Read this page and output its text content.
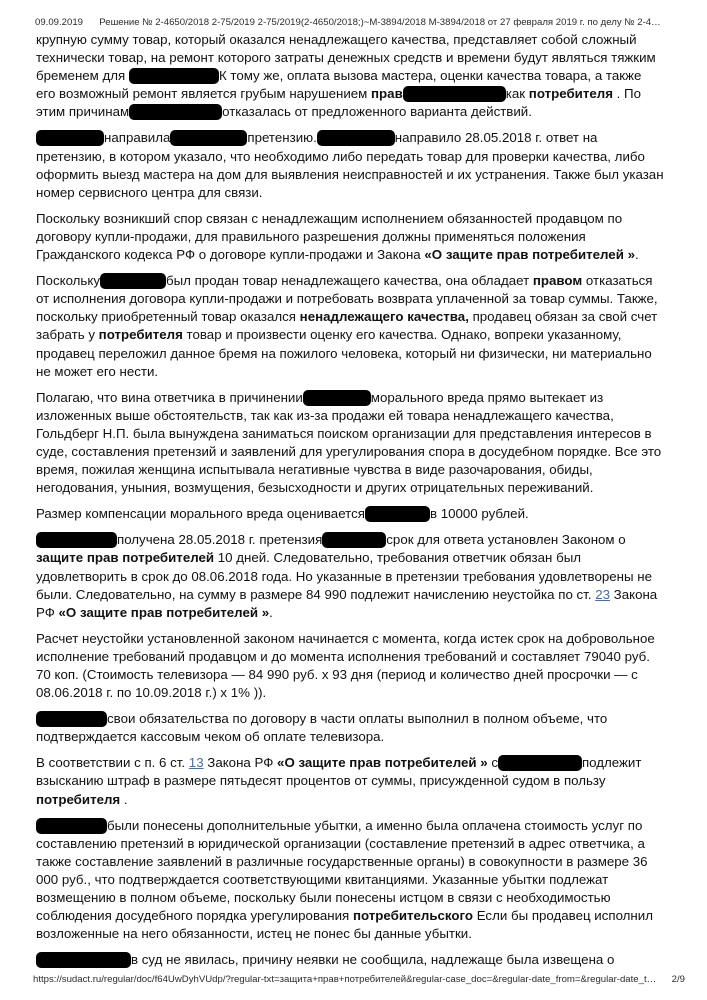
09.09.2019	Решение № 2-4650/2018 2-75/2019 2-75/2019(2-4650/2018;)~М-3894/2018 М-3894/2018 от 27 февраля 2019 г. по делу № 2-4…

крупную сумму товар, который оказался ненадлежащего качества, представляет собой сложный технически товар, на ремонт которого затраты денежных средств и времени будут являться тяжким бременем для	К тому же, оплата вызова мастера, оценки качества товара, а также его возможный ремонт является грубым нарушением прав	как потребителя . По этим причинам	отказалась от предложенного варианта действий.

направила	претензию.	направило 28.05.2018 г. ответ на претензию, в котором указало, что необходимо либо передать товар для проверки качества, либо оформить выезд мастера на дом для выявления неисправностей и их устранения. Также был указан номер сервисного центра для связи.

Поскольку возникший спор связан с ненадлежащим исполнением обязанностей продавцом по договору купли-продажи, для правильного разрешения должны применяться положения Гражданского кодекса РФ о договоре купли-продажи и Закона «О защите прав потребителей ».

Поскольку	был продан товар ненадлежащего качества, она обладает правом отказаться от исполнения договора купли-продажи и потребовать возврата уплаченной за товар суммы. Также, поскольку приобретенный товар оказался ненадлежащего качества, продавец обязан за свой счет забрать у потребителя товар и произвести оценку его качества. Однако, вопреки указанному, продавец переложил данное бремя на пожилого человека, который ни физически, ни материально не может его нести.

Полагаю, что вина ответчика в причинении	морального вреда прямо вытекает из изложенных выше обстоятельств, так как из-за продажи ей товара ненадлежащего качества, Гольдберг Н.П. была вынуждена заниматься поиском организации для представления интересов в суде, составления претензий и заявлений для урегулирования спора в досудебном порядке. Все это время, пожилая женщина испытывала негативные чувства в виде разочарования, обиды, негодования, уныния, возмущения, безысходности и других отрицательных переживаний.

Размер компенсации морального вреда оценивается	в 10000 рублей.

получена 28.05.2018 г. претензия	срок для ответа установлен Законом о защите прав потребителей 10 дней. Следовательно, требования ответчик обязан был удовлетворить в срок до 08.06.2018 года. Но указанные в претензии требования удовлетворены не были. Следовательно, на сумму в размере 84 990 подлежит начислению неустойка по ст. 23 Закона РФ «О защите прав потребителей ».

Расчет неустойки установленной законом начинается с момента, когда истек срок на добровольное исполнение требований продавцом и до момента исполнения требований и составляет 79040 руб. 70 коп. (Стоимость телевизора — 84 990 руб. x 93 дня (период и количество дней просрочки — с 08.06.2018 г. по 10.09.2018 г.) x 1% )).

свои обязательства по договору в части оплаты выполнил в полном объеме, что подтверждается кассовым чеком об оплате телевизора.

В соответствии с п. 6 ст. 13 Закона РФ «О защите прав потребителей » с	подлежит взысканию штраф в размере пятьдесят процентов от суммы, присужденной судом в пользу потребителя .

были понесены дополнительные убытки, а именно была оплачена стоимость услуг по составлению претензий в юридической организации (составление претензий в адрес ответчика, а также составление заявлений в различные государственные органы) в совокупности в размере 36 000 руб., что подтверждается соответствующими квитанциями. Указанные убытки подлежат возмещению в полном объеме, поскольку были понесены истцом в связи с необходимостью соблюдения досудебного порядка урегулирования потребительского Если бы продавец исполнил возложенные на него обязанности, истец не понес бы данные убытки.

в суд не явилась, причину неявки не сообщила, надлежаще была извещена о

https://sudact.ru/regular/doc/f64UwDyhVUdp/?regular-txt=защита+прав+потребителей&regular-case_doc=&regular-date_from=&regular-date_t… 2/9
